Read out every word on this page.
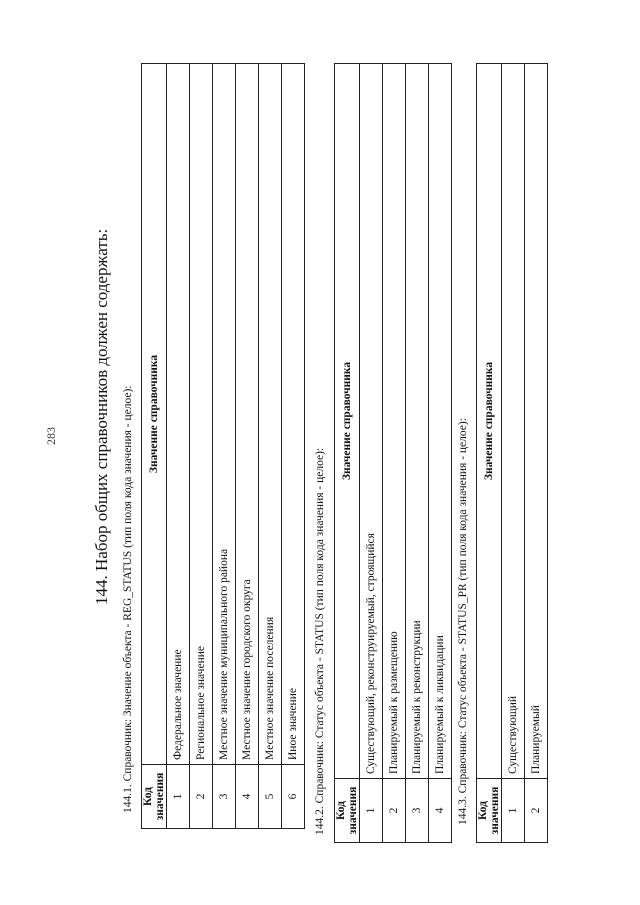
283 144. Набор общих справочников должен содержать: 144.1. Справочник: Значение объекта - REG_STATUS (тип поля кода значения - целое): Код значения	Значение справочника
1	Федеральное значение
2	Региональное значение
3	Местное значение муниципального района
4	Местное значение городского округа
5	Местное значение поселения
6	Иное значение 144.2. Справочник: Статус объекта - STATUS (тип поля кода значения - целое): Код значения	Значение справочника
1	Существующий, реконструируемый, строящийся
2	Планируемый к размещению
3	Планируемый к реконструкции
4	Планируемый к ликвидации 144.3. Справочник: Статус объекта - STATUS_PR (тип поля кода значения - целое): Код значения	Значение справочника
1	Существующий
2	Планируемый
